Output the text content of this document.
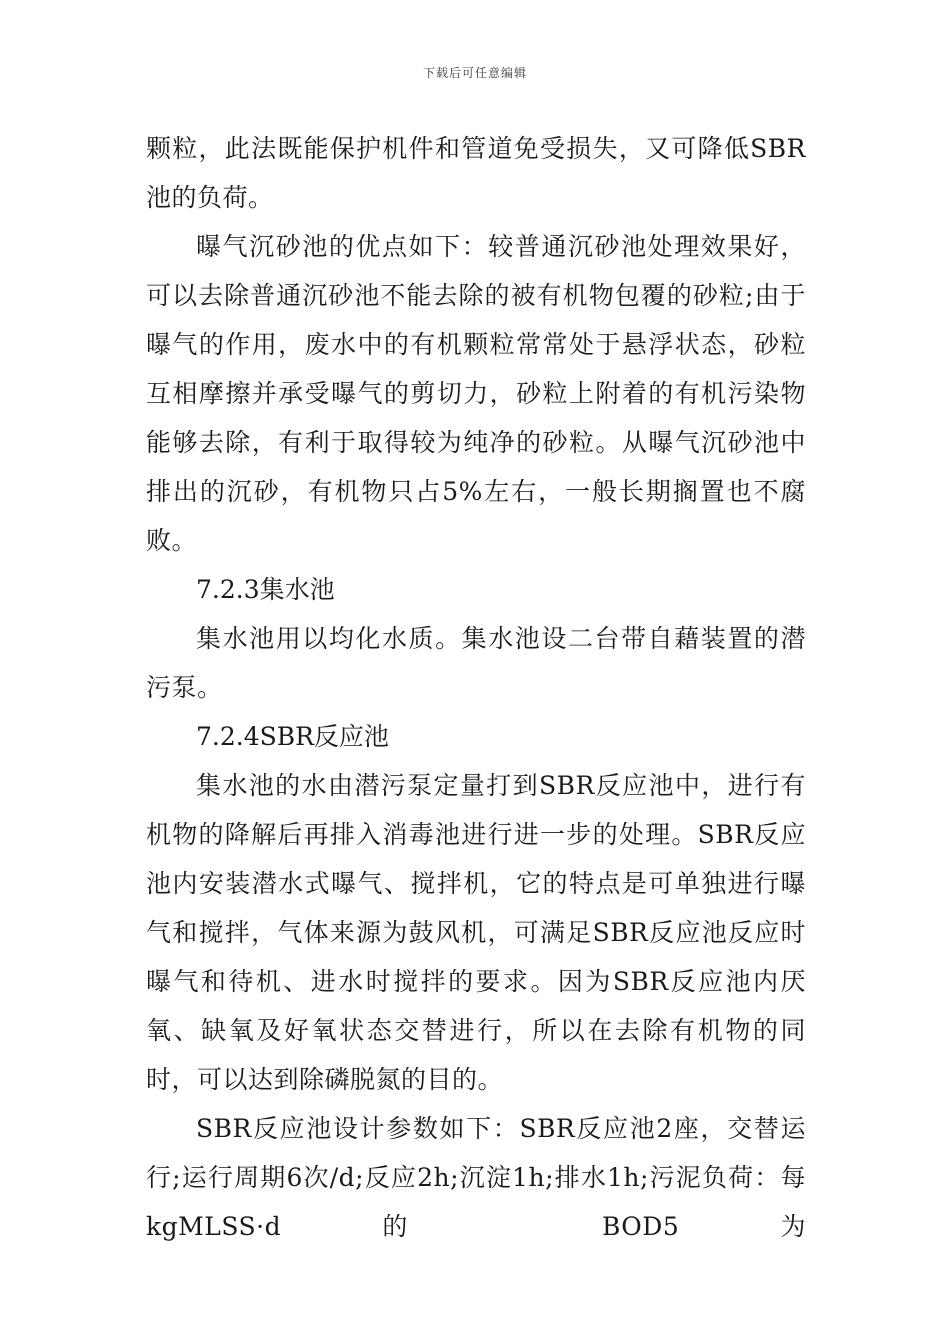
下载后可任意编辑

颗粒，此法既能保护机件和管道免受损失，又可降低SBR池的负荷。

曝气沉砂池的优点如下：较普通沉砂池处理效果好，可以去除普通沉砂池不能去除的被有机物包覆的砂粒;由于曝气的作用，废水中的有机颗粒常常处于悬浮状态，砂粒互相摩擦并承受曝气的剪切力，砂粒上附着的有机污染物能够去除，有利于取得较为纯净的砂粒。从曝气沉砂池中排出的沉砂，有机物只占5%左右，一般长期搁置也不腐败。

7.2.3集水池

集水池用以均化水质。集水池设二台带自藉装置的潜污泵。

7.2.4SBR反应池

集水池的水由潜污泵定量打到SBR反应池中，进行有机物的降解后再排入消毒池进行进一步的处理。SBR反应池内安装潜水式曝气、搅拌机，它的特点是可单独进行曝气和搅拌，气体来源为鼓风机，可满足SBR反应池反应时曝气和待机、进水时搅拌的要求。因为SBR反应池内厌氧、缺氧及好氧状态交替进行，所以在去除有机物的同时，可以达到除磷脱氮的目的。

SBR反应池设计参数如下：SBR反应池2座，交替运行;运行周期6次/d;反应2h;沉淀1h;排水1h;污泥负荷：每kgMLSS·d 的 BOD5 为
